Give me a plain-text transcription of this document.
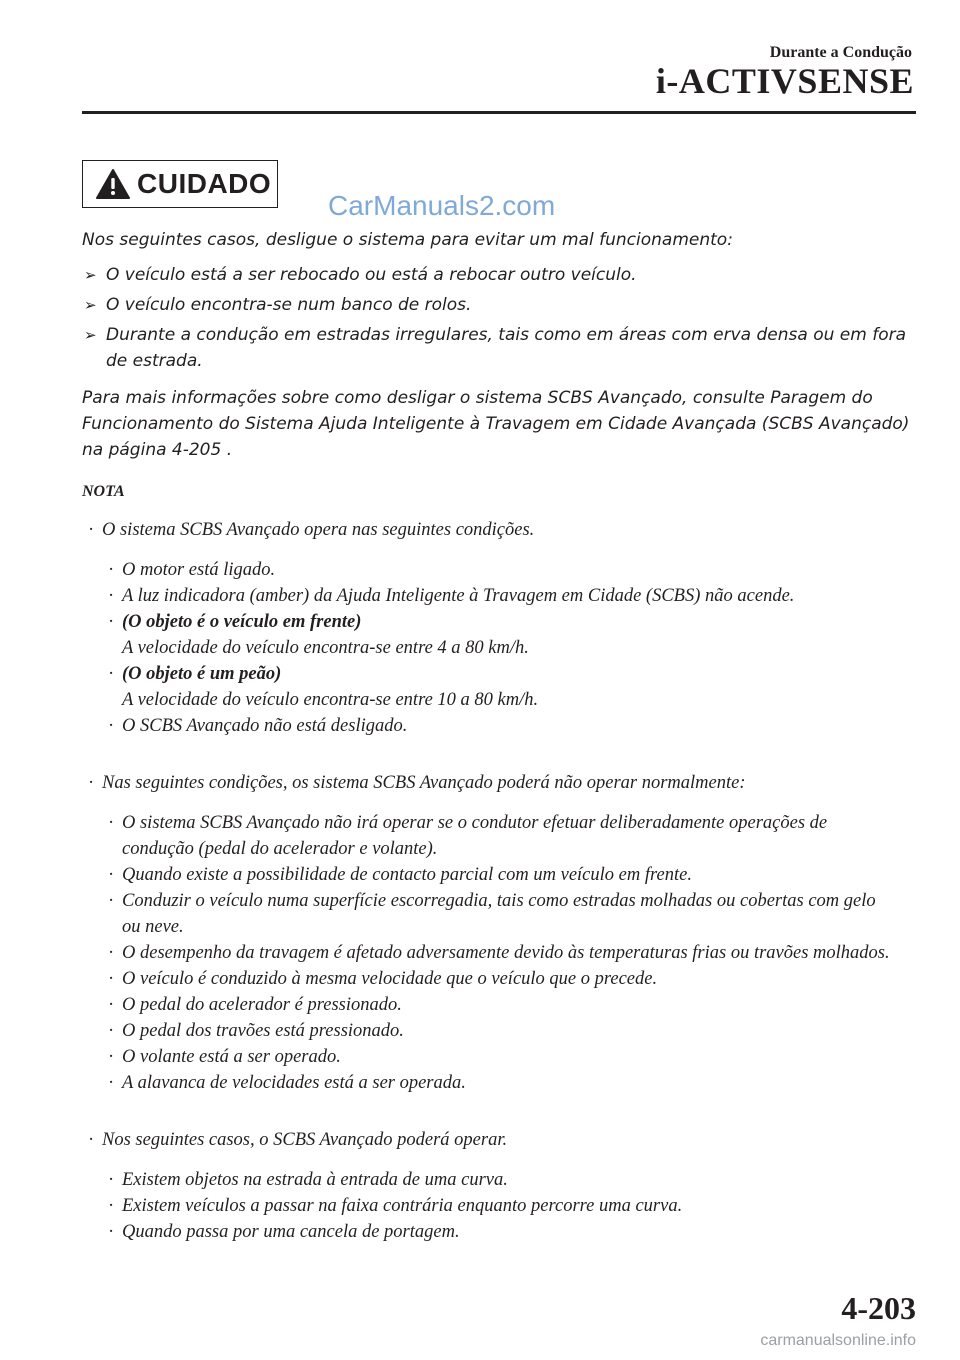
Durante a Condução
i-ACTIVSENSE
CUIDADO
CarManuals2.com
Nos seguintes casos, desligue o sistema para evitar um mal funcionamento:
➢ O veículo está a ser rebocado ou está a rebocar outro veículo.
➢ O veículo encontra-se num banco de rolos.
➢ Durante a condução em estradas irregulares, tais como em áreas com erva densa ou em fora de estrada.
Para mais informações sobre como desligar o sistema SCBS Avançado, consulte Paragem do Funcionamento do Sistema Ajuda Inteligente à Travagem em Cidade Avançada (SCBS Avançado) na página 4-205 .
NOTA
· O sistema SCBS Avançado opera nas seguintes condições.
· O motor está ligado.
· A luz indicadora (amber) da Ajuda Inteligente à Travagem em Cidade (SCBS) não acende.
· (O objeto é o veículo em frente)
A velocidade do veículo encontra-se entre 4 a 80 km/h.
· (O objeto é um peão)
A velocidade do veículo encontra-se entre 10 a 80 km/h.
· O SCBS Avançado não está desligado.
· Nas seguintes condições, os sistema SCBS Avançado poderá não operar normalmente:
· O sistema SCBS Avançado não irá operar se o condutor efetuar deliberadamente operações de condução (pedal do acelerador e volante).
· Quando existe a possibilidade de contacto parcial com um veículo em frente.
· Conduzir o veículo numa superfície escorregadia, tais como estradas molhadas ou cobertas com gelo ou neve.
· O desempenho da travagem é afetado adversamente devido às temperaturas frias ou travões molhados.
· O veículo é conduzido à mesma velocidade que o veículo que o precede.
· O pedal do acelerador é pressionado.
· O pedal dos travões está pressionado.
· O volante está a ser operado.
· A alavanca de velocidades está a ser operada.
· Nos seguintes casos, o SCBS Avançado poderá operar.
· Existem objetos na estrada à entrada de uma curva.
· Existem veículos a passar na faixa contrária enquanto percorre uma curva.
· Quando passa por uma cancela de portagem.
4-203
carmanualsonline.info
